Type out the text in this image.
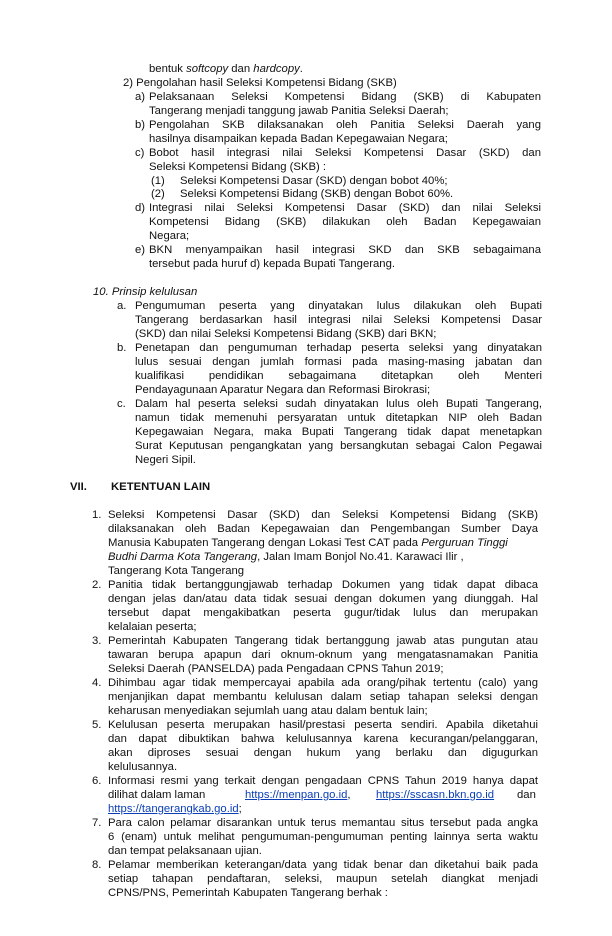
bentuk softcopy dan hardcopy.
2) Pengolahan hasil Seleksi Kompetensi Bidang (SKB)
a) Pelaksanaan Seleksi Kompetensi Bidang (SKB) di Kabupaten
Tangerang menjadi tanggung jawab Panitia Seleksi Daerah;
b) Pengolahan SKB dilaksanakan oleh Panitia Seleksi Daerah yang
hasilnya disampaikan kepada Badan Kepegawaian Negara;
c) Bobot hasil integrasi nilai Seleksi Kompetensi Dasar (SKD) dan
Seleksi Kompetensi Bidang (SKB) :
(1) Seleksi Kompetensi Dasar (SKD) dengan bobot 40%;
(2) Seleksi Kompetensi Bidang (SKB) dengan Bobot 60%.
d) Integrasi nilai Seleksi Kompetensi Dasar (SKD) dan nilai Seleksi
Kompetensi Bidang (SKB) dilakukan oleh Badan Kepegawaian
Negara;
e) BKN menyampaikan hasil integrasi SKD dan SKB sebagaimana
tersebut pada huruf d) kepada Bupati Tangerang.
10. Prinsip kelulusan
a. Pengumuman peserta yang dinyatakan lulus dilakukan oleh Bupati
Tangerang berdasarkan hasil integrasi nilai Seleksi Kompetensi Dasar
(SKD) dan nilai Seleksi Kompetensi Bidang (SKB) dari BKN;
b. Penetapan dan pengumuman terhadap peserta seleksi yang dinyatakan
lulus sesuai dengan jumlah formasi pada masing-masing jabatan dan
kualifikasi pendidikan sebagaimana ditetapkan oleh Menteri
Pendayagunaan Aparatur Negara dan Reformasi Birokrasi;
c. Dalam hal peserta seleksi sudah dinyatakan lulus oleh Bupati Tangerang,
namun tidak memenuhi persyaratan untuk ditetapkan NIP oleh Badan
Kepegawaian Negara, maka Bupati Tangerang tidak dapat menetapkan
Surat Keputusan pengangkatan yang bersangkutan sebagai Calon Pegawai
Negeri Sipil.
VII. KETENTUAN LAIN
1. Seleksi Kompetensi Dasar (SKD) dan Seleksi Kompetensi Bidang (SKB)
dilaksanakan oleh Badan Kepegawaian dan Pengembangan Sumber Daya
Manusia Kabupaten Tangerang dengan Lokasi Test CAT pada Perguruan Tinggi
Budhi Darma Kota Tangerang, Jalan Imam Bonjol No.41. Karawaci Ilir ,
Tangerang Kota Tangerang
2. Panitia tidak bertanggungjawab terhadap Dokumen yang tidak dapat dibaca
dengan jelas dan/atau data tidak sesuai dengan dokumen yang diunggah. Hal
tersebut dapat mengakibatkan peserta gugur/tidak lulus dan merupakan
kelalaian peserta;
3. Pemerintah Kabupaten Tangerang tidak bertanggung jawab atas pungutan atau
tawaran berupa apapun dari oknum-oknum yang mengatasnamakan Panitia
Seleksi Daerah (PANSELDA) pada Pengadaan CPNS Tahun 2019;
4. Dihimbau agar tidak mempercayai apabila ada orang/pihak tertentu (calo) yang
menjanjikan dapat membantu kelulusan dalam setiap tahapan seleksi dengan
keharusan menyediakan sejumlah uang atau dalam bentuk lain;
5. Kelulusan peserta merupakan hasil/prestasi peserta sendiri. Apabila diketahui
dan dapat dibuktikan bahwa kelulusannya karena kecurangan/pelanggaran,
akan diproses sesuai dengan hukum yang berlaku dan digugurkan
kelulusannya.
6. Informasi resmi yang terkait dengan pengadaan CPNS Tahun 2019 hanya dapat
dilihat dalam laman	https://menpan.go.id, https://sscasn.bkn.go.id dan
https://tangerangkab.go.id;
7. Para calon pelamar disarankan untuk terus memantau situs tersebut pada angka
6 (enam) untuk melihat pengumuman-pengumuman penting lainnya serta waktu
dan tempat pelaksanaan ujian.
8. Pelamar memberikan keterangan/data yang tidak benar dan diketahui baik pada
setiap tahapan pendaftaran, seleksi, maupun setelah diangkat menjadi
CPNS/PNS, Pemerintah Kabupaten Tangerang berhak :
